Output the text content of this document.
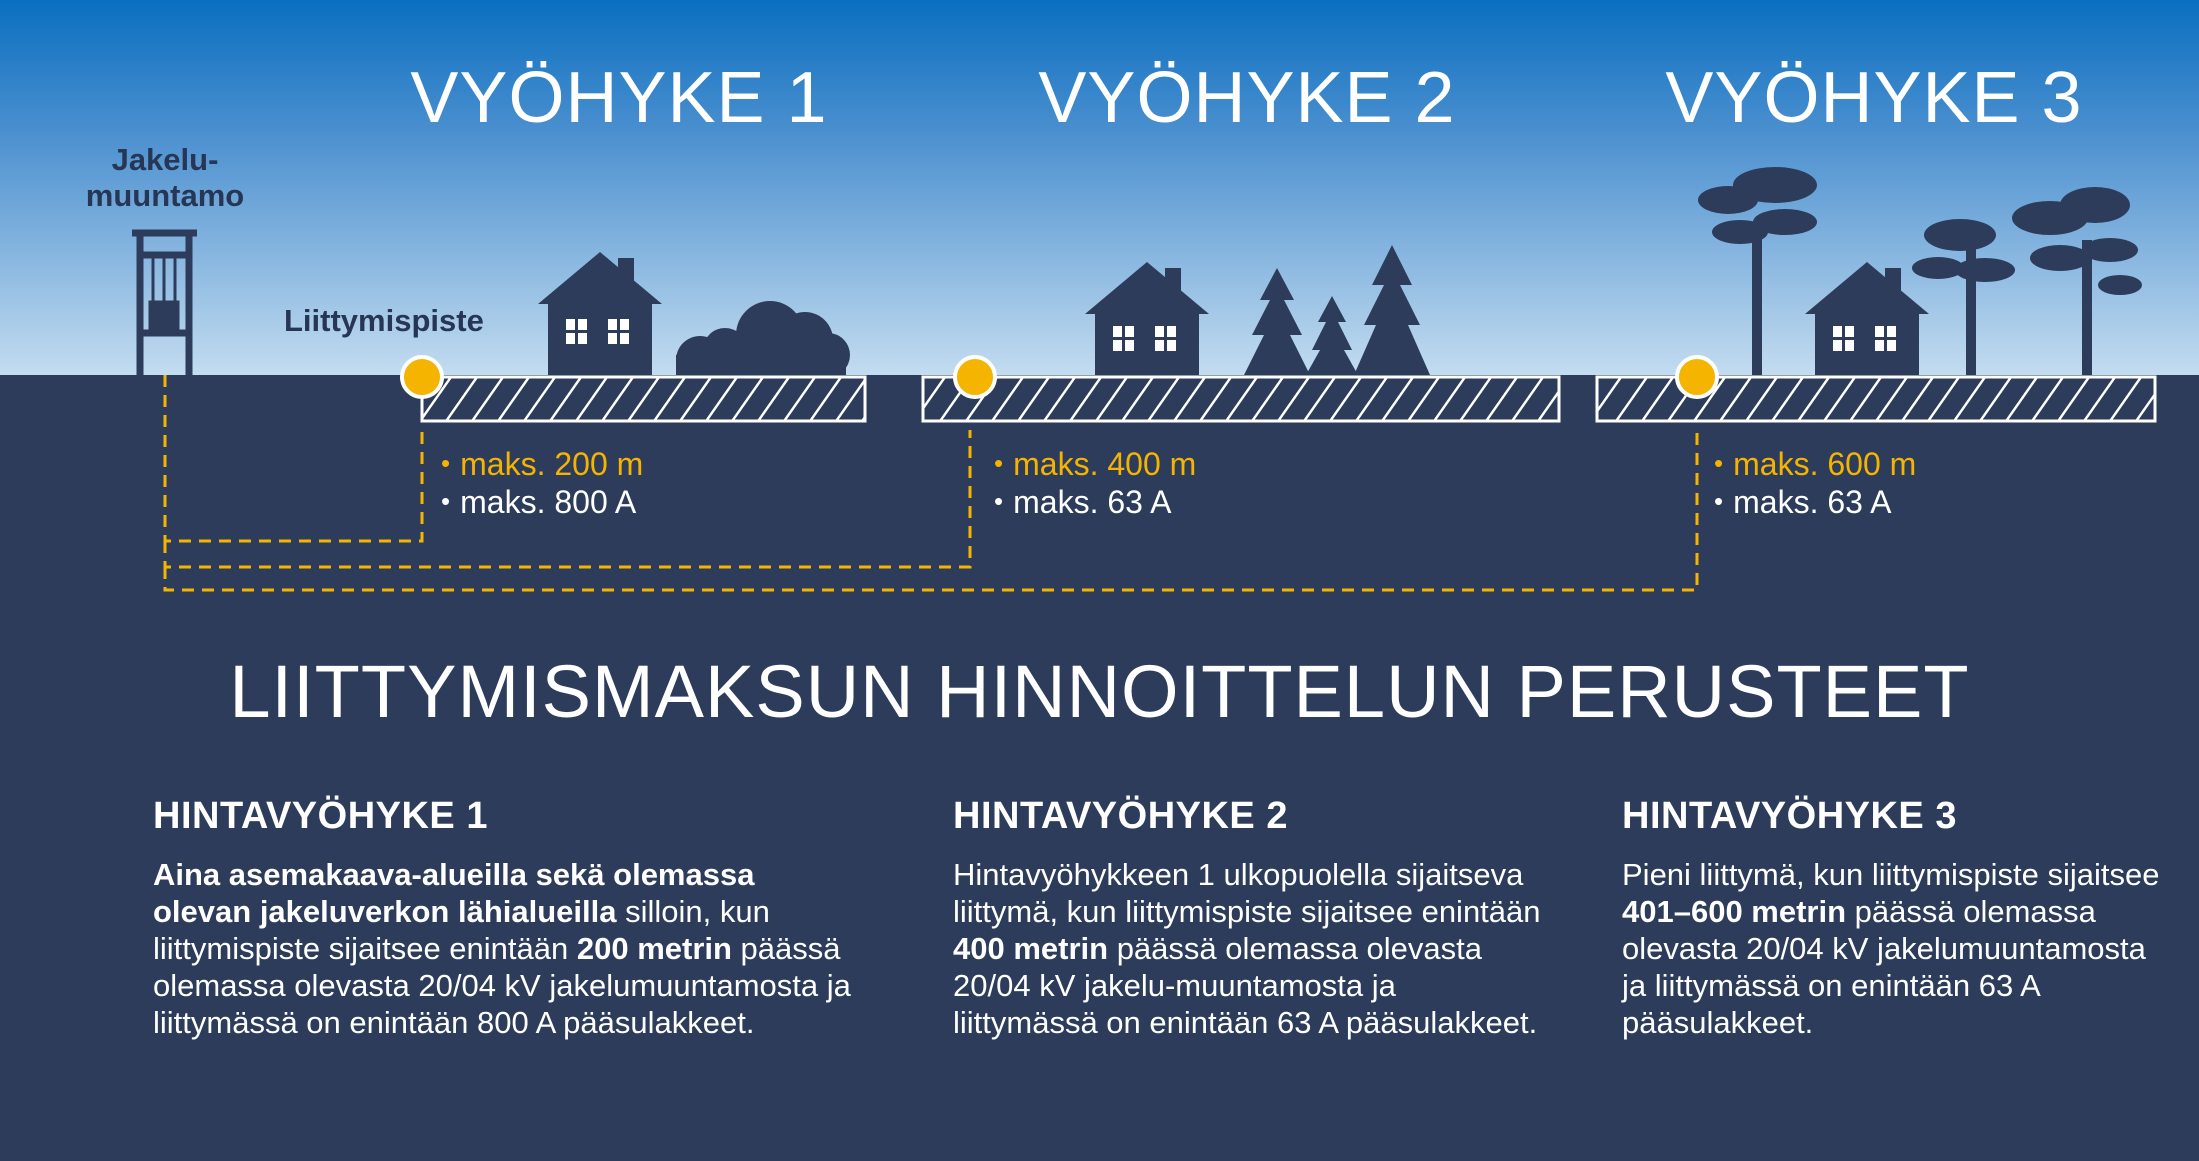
VYÖHYKE 1	VYÖHYKE 2	VYÖHYKE 3
Jakelu-
muuntamo
Liittymispiste
• maks. 200 m
• maks. 800 A
• maks. 400 m
• maks. 63 A
• maks. 600 m
• maks. 63 A
LIITTYMISMAKSUN HINNOITTELUN PERUSTEET
HINTAVYÖHYKE 1

Aina asemakaava-alueilla sekä olemassa olevan jakeluverkon lähialueilla silloin, kun liittymispiste sijaitsee enintään 200 metrin päässä olemassa olevasta 20/04 kV jakelumuuntamosta ja liittymässä on enintään 800 A pääsulakkeet.

HINTAVYÖHYKE 2

Hintavyöhykkeen 1 ulkopuolella sijaitseva liittymä, kun liittymispiste sijaitsee enintään 400 metrin päässä olemassa olevasta 20/04 kV jakelu-muuntamosta ja liittymässä on enintään 63 A pääsulakkeet.

HINTAVYÖHYKE 3

Pieni liittymä, kun liittymispiste sijaitsee 401–600 metrin päässä olemassa olevasta 20/04 kV jakelumuuntamosta ja liittymässä on enintään 63 A pääsulakkeet.
